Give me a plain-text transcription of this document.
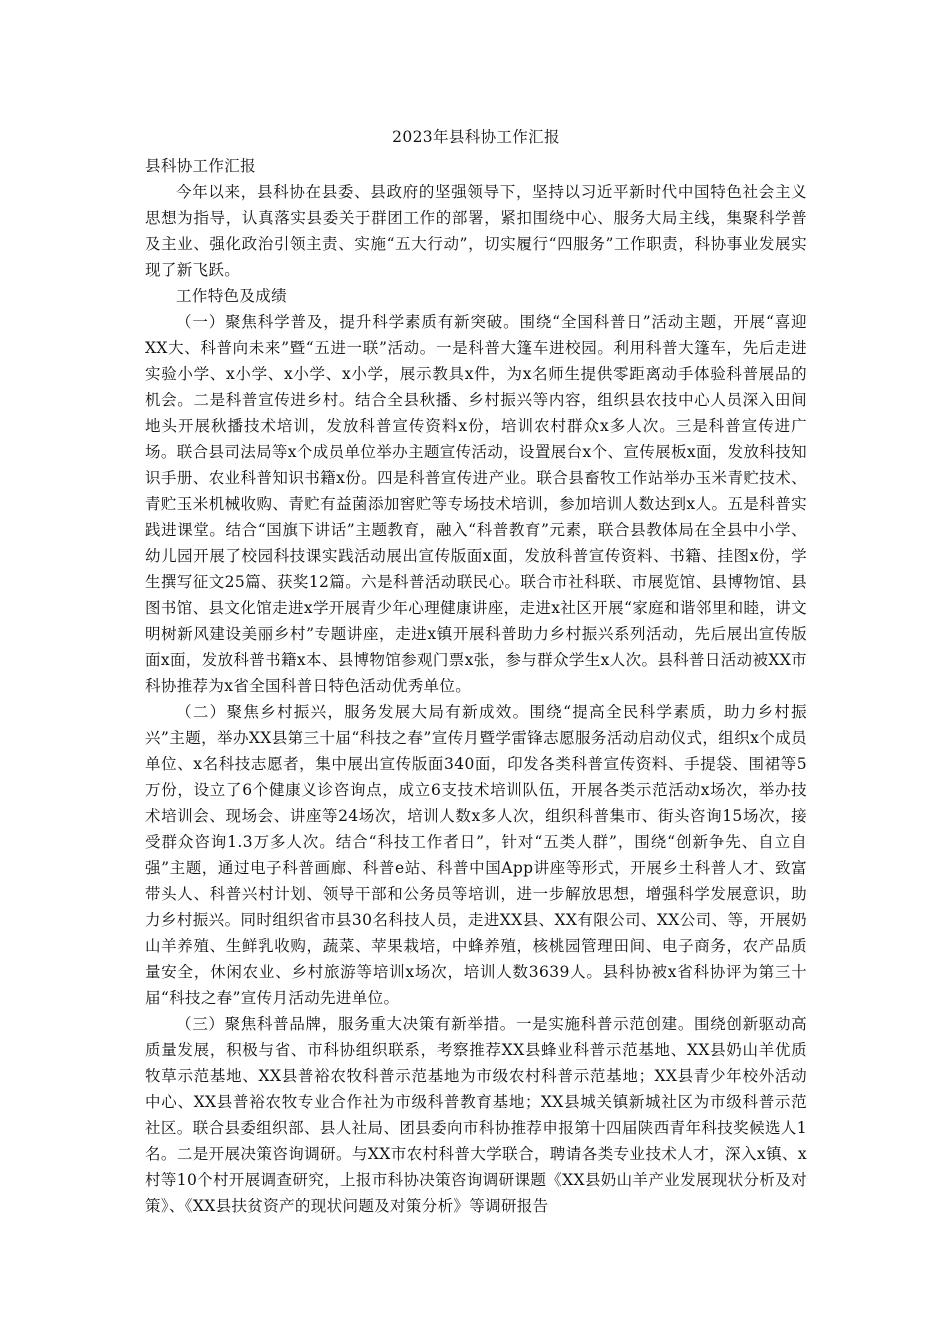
2023年县科协工作汇报
县科协工作汇报

今年以来，县科协在县委、县政府的坚强领导下，坚持以习近平新时代中国特色社会主义思想为指导，认真落实县委关于群团工作的部署，紧扣围绕中心、服务大局主线，集聚科学普及主业、强化政治引领主责、实施“五大行动”，切实履行“四服务”工作职责，科协事业发展实现了新飞跃。

工作特色及成绩

（一）聚焦科学普及，提升科学素质有新突破。围绕“全国科普日”活动主题，开展“喜迎XX大、科普向未来”暨“五进一联”活动。一是科普大篷车进校园。利用科普大篷车，先后走进实验小学、x小学、x小学、x小学，展示教具x件，为x名师生提供零距离动手体验科普展品的机会。二是科普宣传进乡村。结合全县秋播、乡村振兴等内容，组织县农技中心人员深入田间地头开展秋播技术培训，发放科普宣传资料x份，培训农村群众x多人次。三是科普宣传进广场。联合县司法局等x个成员单位举办主题宣传活动，设置展台x个、宣传展板x面，发放科技知识手册、农业科普知识书籍x份。四是科普宣传进产业。联合县畜牧工作站举办玉米青贮技术、青贮玉米机械收购、青贮有益菌添加窖贮等专场技术培训，参加培训人数达到x人。五是科普实践进课堂。结合“国旗下讲话”主题教育，融入“科普教育”元素，联合县教体局在全县中小学、幼儿园开展了校园科技课实践活动展出宣传版面x面，发放科普宣传资料、书籍、挂图x份，学生撰写征文25篇、获奖12篇。六是科普活动联民心。联合市社科联、市展览馆、县博物馆、县图书馆、县文化馆走进x学开展青少年心理健康讲座，走进x社区开展“家庭和谐邻里和睦，讲文明树新风建设美丽乡村”专题讲座，走进x镇开展科普助力乡村振兴系列活动，先后展出宣传版面x面，发放科普书籍x本、县博物馆参观门票x张，参与群众学生x人次。县科普日活动被XX市科协推荐为x省全国科普日特色活动优秀单位。

（二）聚焦乡村振兴，服务发展大局有新成效。围绕“提高全民科学素质，助力乡村振兴”主题，举办XX县第三十届“科技之春”宣传月暨学雷锋志愿服务活动启动仪式，组织x个成员单位、x名科技志愿者，集中展出宣传版面340面，印发各类科普宣传资料、手提袋、围裙等5万份，设立了6个健康义诊咨询点，成立6支技术培训队伍，开展各类示范活动x场次，举办技术培训会、现场会、讲座等24场次，培训人数x多人次，组织科普集市、街头咨询15场次，接受群众咨询1.3万多人次。结合“科技工作者日”，针对“五类人群”，围绕“创新争先、自立自强”主题，通过电子科普画廊、科普e站、科普中国App讲座等形式，开展乡土科普人才、致富带头人、科普兴村计划、领导干部和公务员等培训，进一步解放思想，增强科学发展意识，助力乡村振兴。同时组织省市县30名科技人员，走进XX县、XX有限公司、XX公司、等，开展奶山羊养殖、生鲜乳收购，蔬菜、苹果栽培，中蜂养殖，核桃园管理田间、电子商务，农产品质量安全，休闲农业、乡村旅游等培训x场次，培训人数3639人。县科协被x省科协评为第三十届“科技之春”宣传月活动先进单位。

（三）聚焦科普品牌，服务重大决策有新举措。一是实施科普示范创建。围绕创新驱动高质量发展，积极与省、市科协组织联系，考察推荐XX县蜂业科普示范基地、XX县奶山羊优质牧草示范基地、XX县普裕农牧科普示范基地为市级农村科普示范基地；XX县青少年校外活动中心、XX县普裕农牧专业合作社为市级科普教育基地；XX县城关镇新城社区为市级科普示范社区。联合县委组织部、县人社局、团县委向市科协推荐申报第十四届陕西青年科技奖候选人1名。二是开展决策咨询调研。与XX市农村科普大学联合，聘请各类专业技术人才，深入x镇、x村等10个村开展调查研究，上报市科协决策咨询调研课题《XX县奶山羊产业发展现状分析及对策》、《XX县扶贫资产的现状问题及对策分析》等调研报告
